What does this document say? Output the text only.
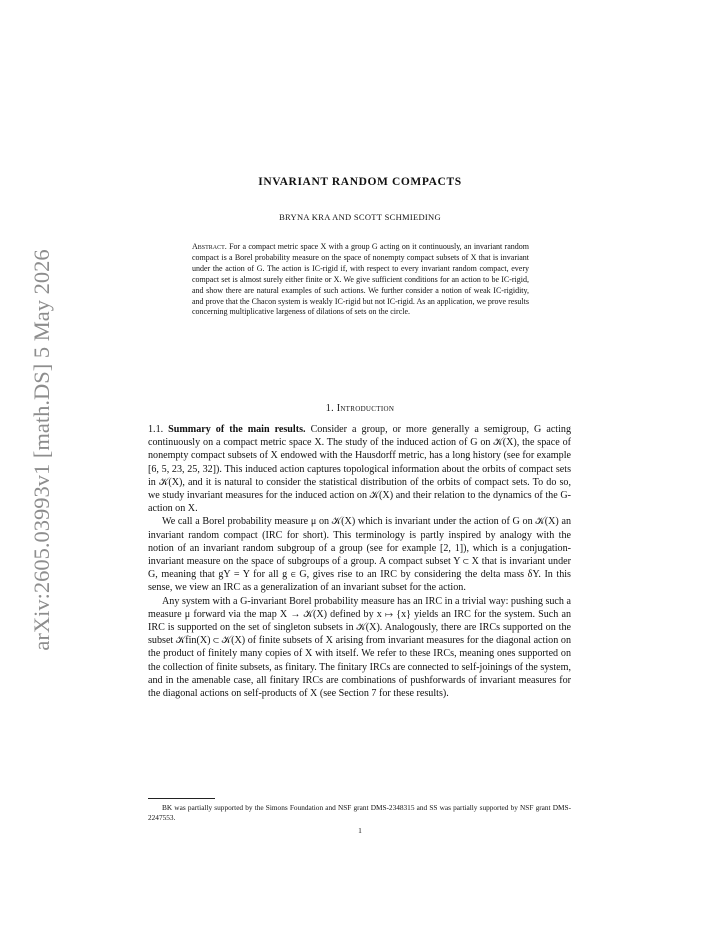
arXiv:2605.03993v1 [math.DS] 5 May 2026
INVARIANT RANDOM COMPACTS
BRYNA KRA AND SCOTT SCHMIEDING
Abstract. For a compact metric space X with a group G acting on it continuously, an invariant random compact is a Borel probability measure on the space of nonempty compact subsets of X that is invariant under the action of G. The action is IC-rigid if, with respect to every invariant random compact, every compact set is almost surely either finite or X. We give sufficient conditions for an action to be IC-rigid, and show there are natural examples of such actions. We further consider a notion of weak IC-rigidity, and prove that the Chacon system is weakly IC-rigid but not IC-rigid. As an application, we prove results concerning multiplicative largeness of dilations of sets on the circle.
1. Introduction

1.1. Summary of the main results. Consider a group, or more generally a semigroup, G acting continuously on a compact metric space X. The study of the induced action of G on 𝒦(X), the space of nonempty compact subsets of X endowed with the Hausdorff metric, has a long history (see for example [6, 5, 23, 25, 32]). This induced action captures topological information about the orbits of compact sets in 𝒦(X), and it is natural to consider the statistical distribution of the orbits of compact sets. To do so, we study invariant measures for the induced action on 𝒦(X) and their relation to the dynamics of the G-action on X.

We call a Borel probability measure μ on 𝒦(X) which is invariant under the action of G on 𝒦(X) an invariant random compact (IRC for short). This terminology is partly inspired by analogy with the notion of an invariant random subgroup of a group (see for example [2, 1]), which is a conjugation-invariant measure on the space of subgroups of a group. A compact subset Y ⊂ X that is invariant under G, meaning that gY = Y for all g ∈ G, gives rise to an IRC by considering the delta mass δY. In this sense, we view an IRC as a generalization of an invariant subset for the action.

Any system with a G-invariant Borel probability measure has an IRC in a trivial way: pushing such a measure μ forward via the map X → 𝒦(X) defined by x ↦ {x} yields an IRC for the system. Such an IRC is supported on the set of singleton subsets in 𝒦(X). Analogously, there are IRCs supported on the subset 𝒦fin(X) ⊂ 𝒦(X) of finite subsets of X arising from invariant measures for the diagonal action on the product of finitely many copies of X with itself. We refer to these IRCs, meaning ones supported on the collection of finite subsets, as finitary. The finitary IRCs are connected to self-joinings of the system, and in the amenable case, all finitary IRCs are combinations of pushforwards of invariant measures for the diagonal actions on self-products of X (see Section 7 for these results).

BK was partially supported by the Simons Foundation and NSF grant DMS-2348315 and SS was partially supported by NSF grant DMS-2247553.
1
